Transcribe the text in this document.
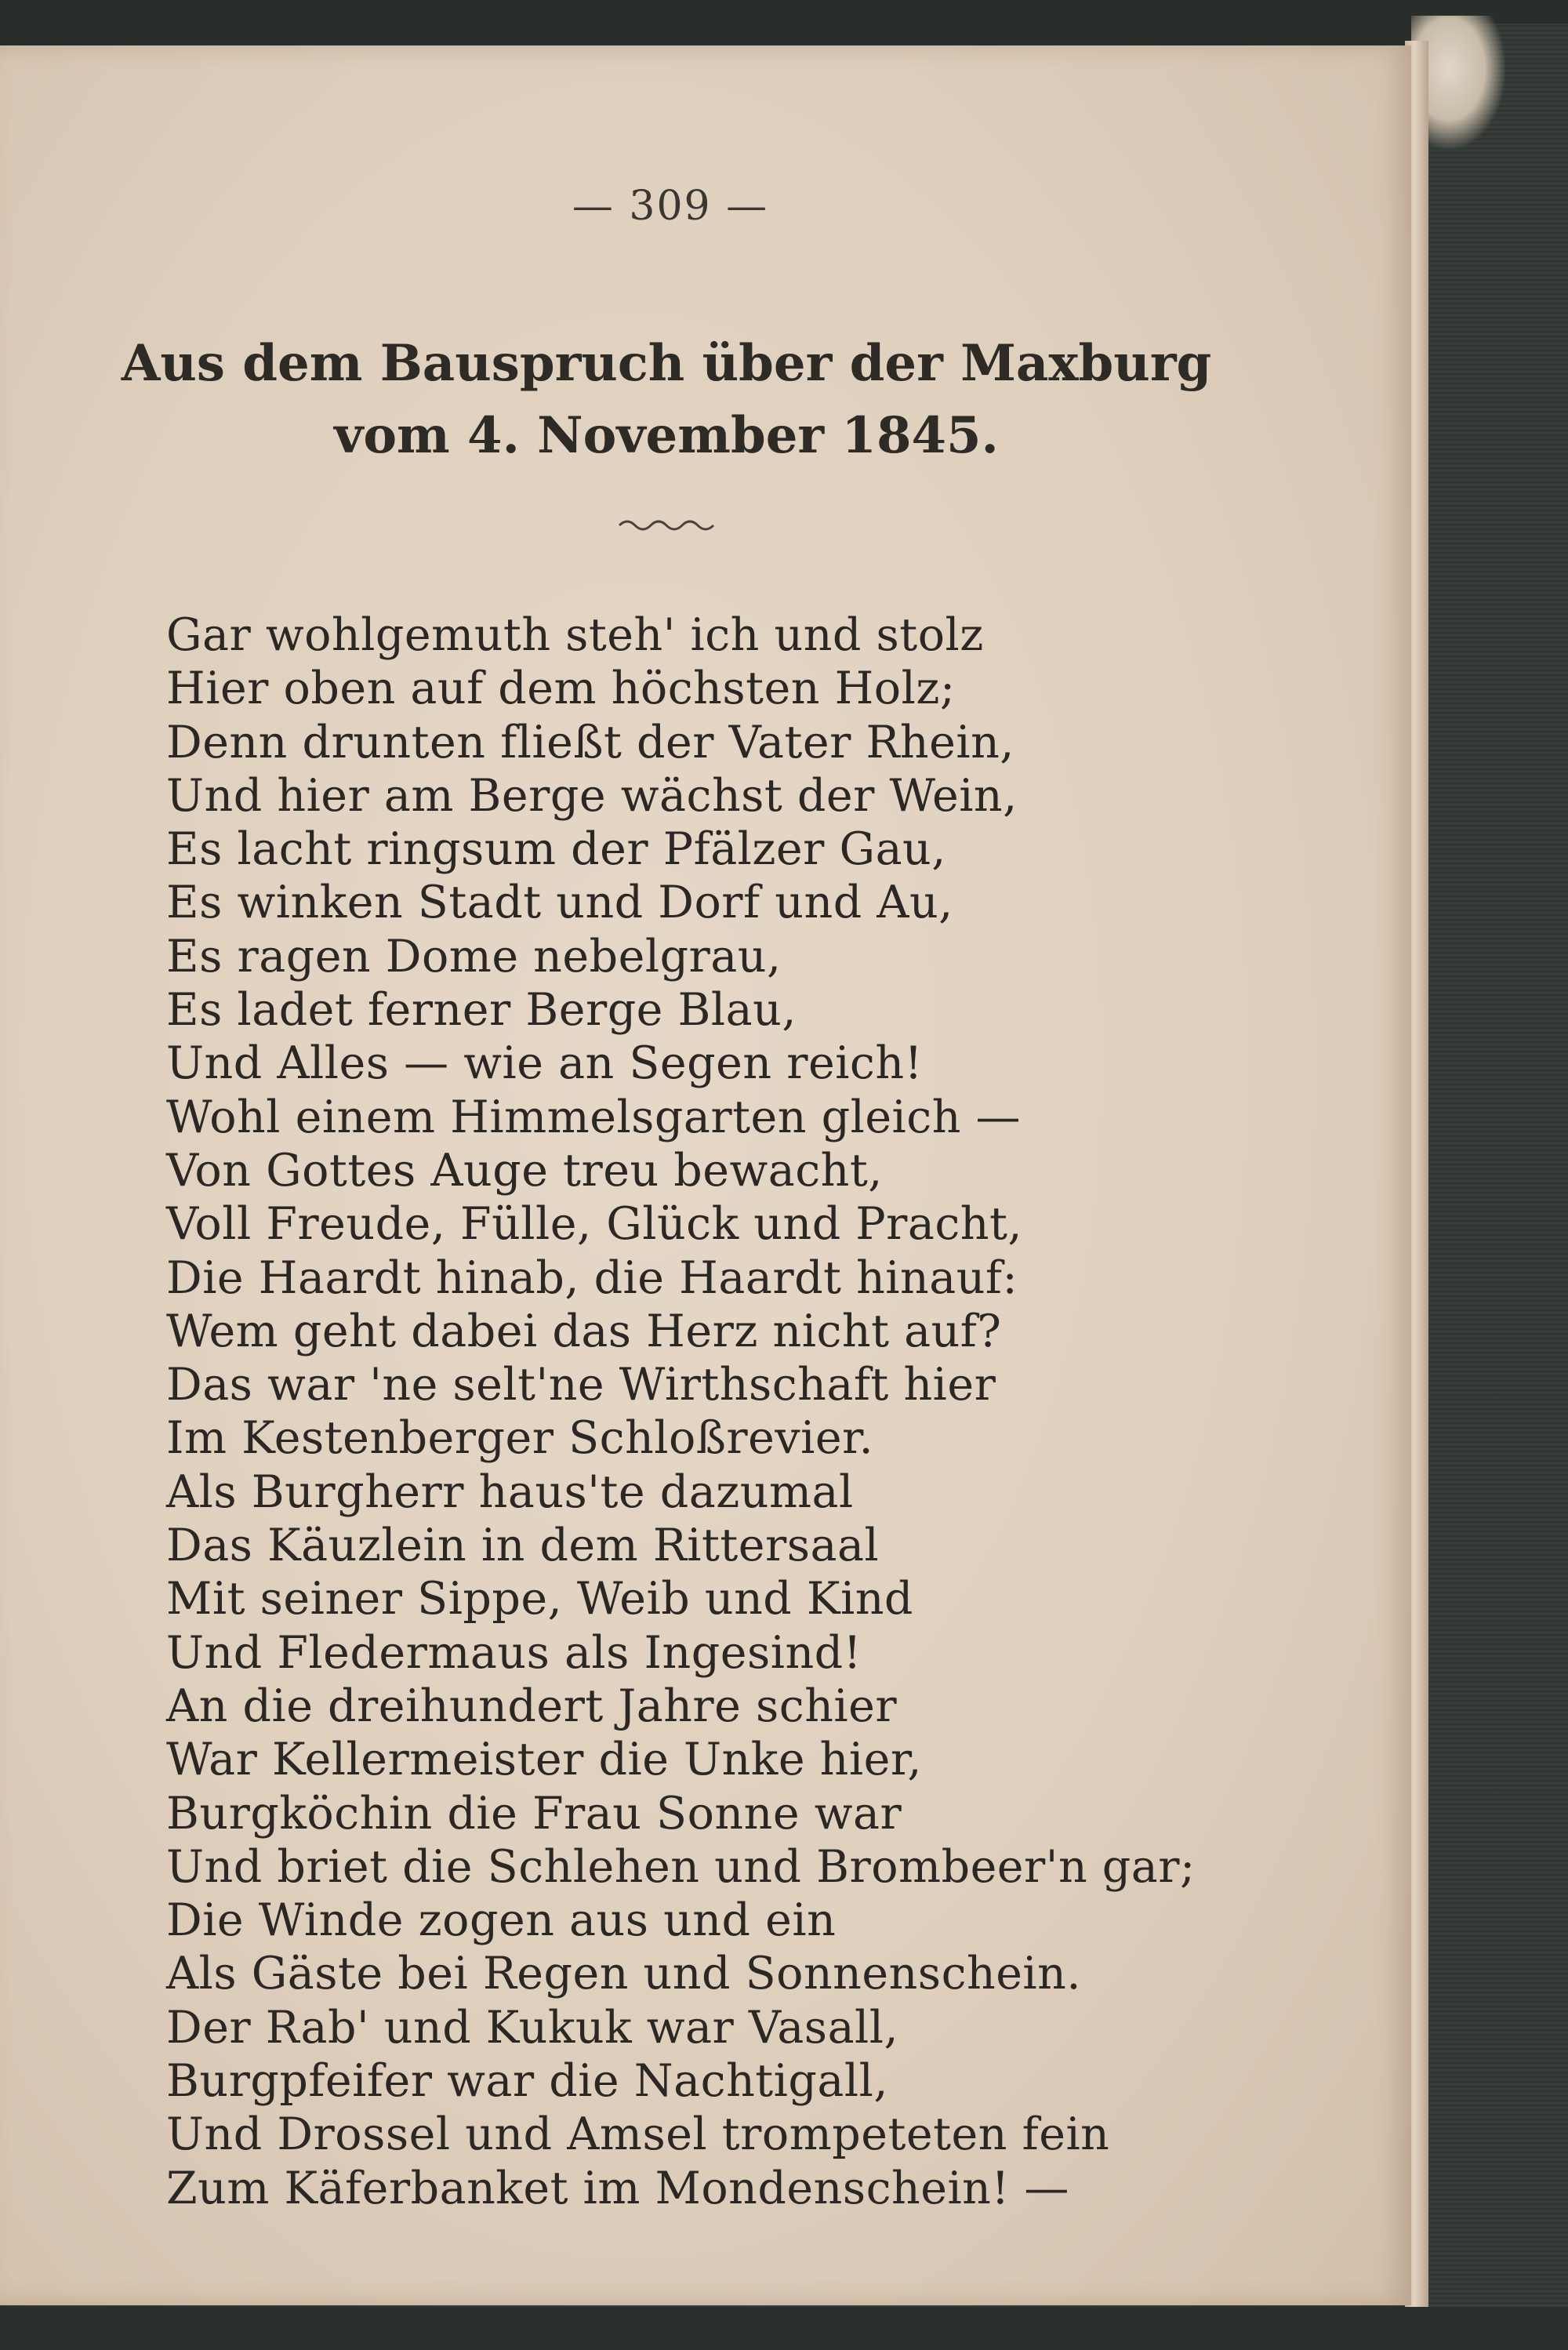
— 309 —
Aus dem Bauspruch über der Maxburg
vom 4. November 1845.
Gar wohlgemuth steh' ich und stolz
Hier oben auf dem höchsten Holz;
Denn drunten fließt der Vater Rhein,
Und hier am Berge wächst der Wein,
Es lacht ringsum der Pfälzer Gau,
Es winken Stadt und Dorf und Au,
Es ragen Dome nebelgrau,
Es ladet ferner Berge Blau,
Und Alles — wie an Segen reich!
Wohl einem Himmelsgarten gleich —
Von Gottes Auge treu bewacht,
Voll Freude, Fülle, Glück und Pracht,
Die Haardt hinab, die Haardt hinauf:
Wem geht dabei das Herz nicht auf?
Das war 'ne selt'ne Wirthschaft hier
Im Kestenberger Schloßrevier.
Als Burgherr haus'te dazumal
Das Käuzlein in dem Rittersaal
Mit seiner Sippe, Weib und Kind
Und Fledermaus als Ingesind!
An die dreihundert Jahre schier
War Kellermeister die Unke hier,
Burgköchin die Frau Sonne war
Und briet die Schlehen und Brombeer'n gar;
Die Winde zogen aus und ein
Als Gäste bei Regen und Sonnenschein.
Der Rab' und Kukuk war Vasall,
Burgpfeifer war die Nachtigall,
Und Drossel und Amsel trompeteten fein
Zum Käferbanket im Mondenschein! —
